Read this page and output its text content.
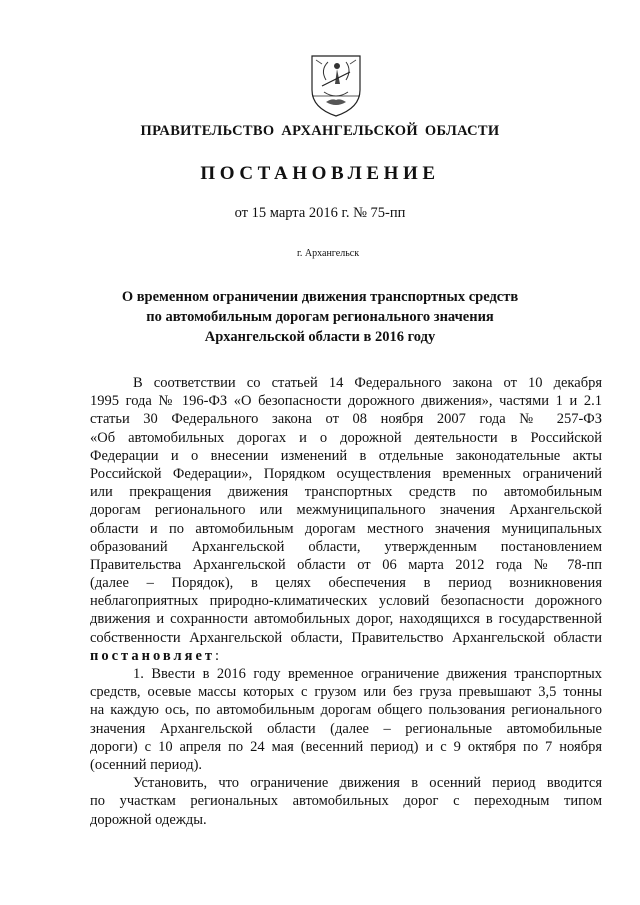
ПРАВИТЕЛЬСТВО АРХАНГЕЛЬСКОЙ ОБЛАСТИ
ПОСТАНОВЛЕНИЕ
от 15 марта 2016 г. № 75-пп
г. Архангельск
О временном ограничении движения транспортных средств
по автомобильным дорогам регионального значения
Архангельской области в 2016 году
В соответствии со статьей 14 Федерального закона от 10 декабря
1995 года № 196-ФЗ «О безопасности дорожного движения», частями 1 и 2.1
статьи 30 Федерального закона от 08 ноября 2007 года № 257-ФЗ
«Об автомобильных дорогах и о дорожной деятельности в Российской
Федерации и о внесении изменений в отдельные законодательные акты
Российской Федерации», Порядком осуществления временных ограничений
или прекращения движения транспортных средств по автомобильным
дорогам регионального или межмуниципального значения Архангельской
области и по автомобильным дорогам местного значения муниципальных
образований Архангельской области, утвержденным постановлением
Правительства Архангельской области от 06 марта 2012 года № 78-пп
(далее – Порядок), в целях обеспечения в период возникновения
неблагоприятных природно-климатических условий безопасности дорожного
движения и сохранности автомобильных дорог, находящихся в государственной
собственности Архангельской области, Правительство Архангельской области
постановляет:
1. Ввести в 2016 году временное ограничение движения транспортных
средств, осевые массы которых с грузом или без груза превышают 3,5 тонны
на каждую ось, по автомобильным дорогам общего пользования регионального
значения Архангельской области (далее – региональные автомобильные
дороги) с 10 апреля по 24 мая (весенний период) и с 9 октября по 7 ноября
(осенний период).
Установить, что ограничение движения в осенний период вводится
по участкам региональных автомобильных дорог с переходным типом
дорожной одежды.
